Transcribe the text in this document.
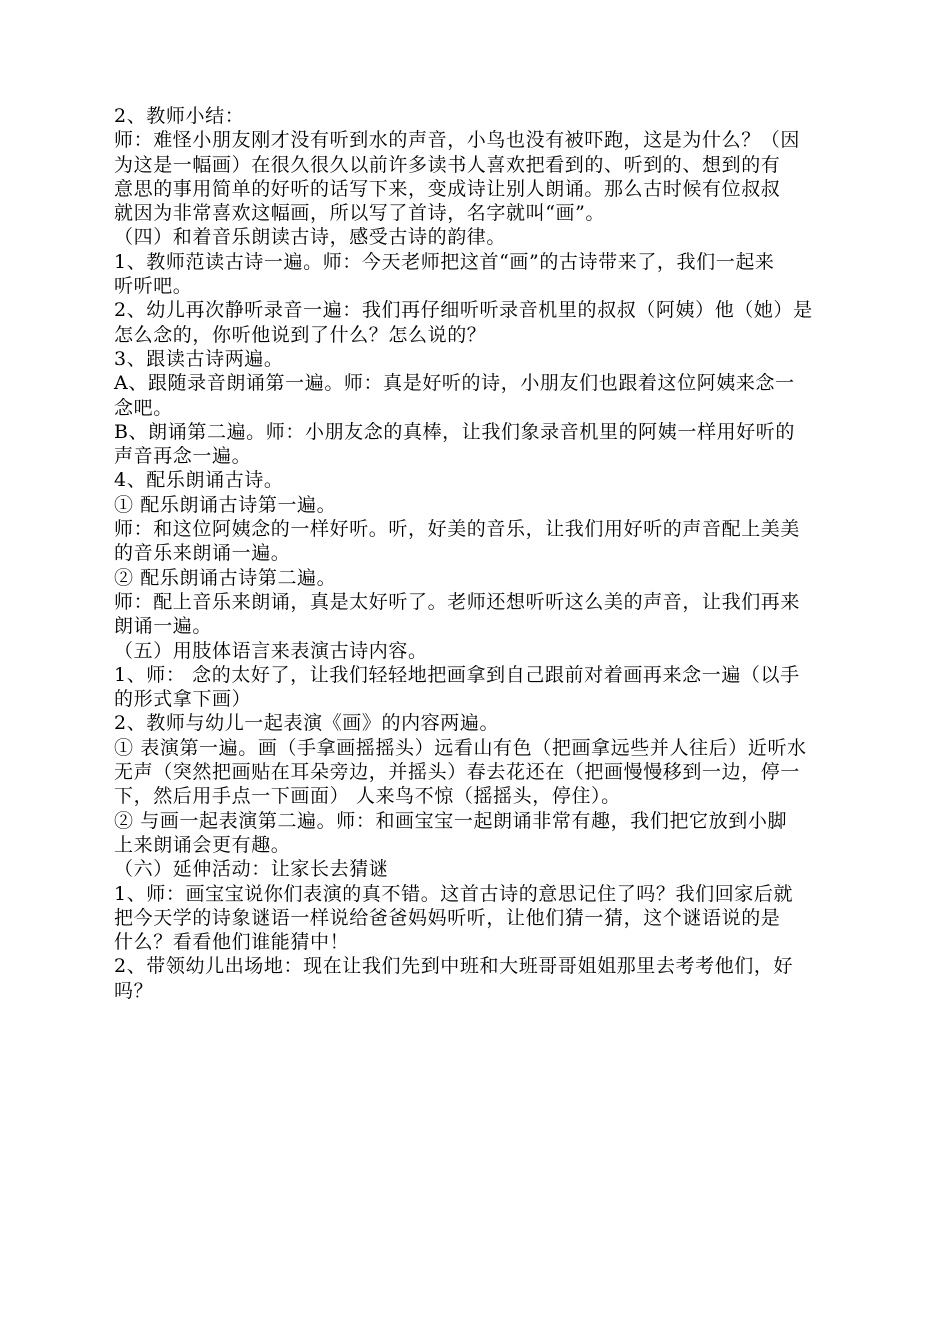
2、教师小结：
师：难怪小朋友刚才没有听到水的声音，小鸟也没有被吓跑，这是为什么？（因
为这是一幅画）在很久很久以前许多读书人喜欢把看到的、听到的、想到的有
意思的事用简单的好听的话写下来，变成诗让别人朗诵。那么古时候有位叔叔
就因为非常喜欢这幅画，所以写了首诗，名字就叫“画”。
（四）和着音乐朗读古诗，感受古诗的韵律。
1、教师范读古诗一遍。师：今天老师把这首“画”的古诗带来了，我们一起来
听听吧。
2、幼儿再次静听录音一遍：我们再仔细听听录音机里的叔叔（阿姨）他（她）是
怎么念的，你听他说到了什么？怎么说的？
3、跟读古诗两遍。
A、跟随录音朗诵第一遍。师：真是好听的诗，小朋友们也跟着这位阿姨来念一
念吧。
B、朗诵第二遍。师：小朋友念的真棒，让我们象录音机里的阿姨一样用好听的
声音再念一遍。
4、配乐朗诵古诗。
① 配乐朗诵古诗第一遍。
师：和这位阿姨念的一样好听。听，好美的音乐，让我们用好听的声音配上美美
的音乐来朗诵一遍。
② 配乐朗诵古诗第二遍。
师：配上音乐来朗诵，真是太好听了。老师还想听听这么美的声音，让我们再来
朗诵一遍。
（五）用肢体语言来表演古诗内容。
1、师： 念的太好了，让我们轻轻地把画拿到自己跟前对着画再来念一遍（以手
的形式拿下画）
2、教师与幼儿一起表演《画》的内容两遍。
① 表演第一遍。画（手拿画摇摇头）远看山有色（把画拿远些并人往后）近听水
无声（突然把画贴在耳朵旁边，并摇头）春去花还在（把画慢慢移到一边，停一
下，然后用手点一下画面） 人来鸟不惊（摇摇头，停住）。
② 与画一起表演第二遍。师：和画宝宝一起朗诵非常有趣，我们把它放到小脚
上来朗诵会更有趣。
（六）延伸活动：让家长去猜谜
1、师：画宝宝说你们表演的真不错。这首古诗的意思记住了吗？我们回家后就
把今天学的诗象谜语一样说给爸爸妈妈听听，让他们猜一猜，这个谜语说的是
什么？看看他们谁能猜中！
2、带领幼儿出场地：现在让我们先到中班和大班哥哥姐姐那里去考考他们，好
吗？
